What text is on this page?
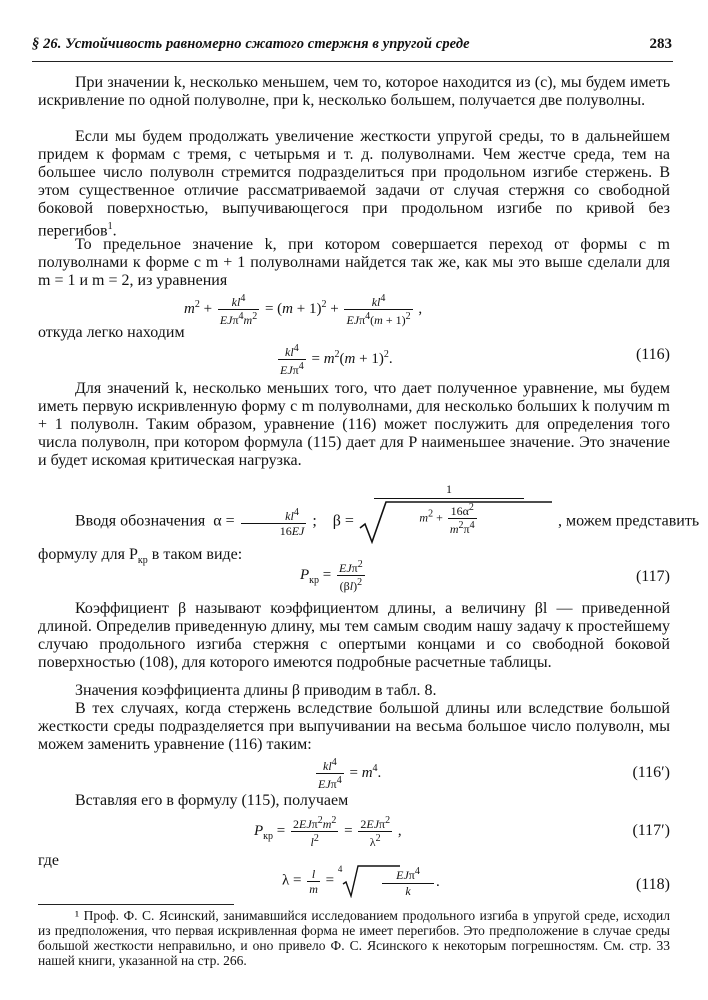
§ 26. Устойчивость равномерно сжатого стержня в упругой среде	283
При значении k, несколько меньшем, чем то, которое находится из (с), мы будем иметь искривление по одной полуволне, при k, несколько большем, получается две полуволны.
Если мы будем продолжать увеличение жесткости упругой среды, то в дальнейшем придем к формам с тремя, с четырьмя и т. д. полуволнами. Чем жестче среда, тем на большее число полуволн стремится подразделиться при продольном изгибе стержень. В этом существенное отличие рассматриваемой задачи от случая стержня со свободной боковой поверхностью, выпучивающегося при продольном изгибе по кривой без перегибов$^1$.
То предельное значение k, при котором совершается переход от формы с m полуволнами к форме с m + 1 полуволнами найдется так же, как мы это выше сделали для m = 1 и m = 2, из уравнения
$m^2 + \frac{kl^4}{EJ\pi^4m^2} = (m + 1)^2 + \frac{kl^4}{EJ\pi^4(m + 1)^2}$ ,
откуда легко находим
$\frac{kl^4}{EJ\pi^4} = m^2(m + 1)^2$.	(116)
Для значений k, несколько меньших того, что дает полученное уравнение, мы будем иметь первую искривленную форму с m полуволнами, для несколько больших k получим m + 1 полуволн. Таким образом, уравнение (116) может послужить для определения того числа полуволн, при котором формула (115) дает для P наименьшее значение. Это значение и будет искомая критическая нагрузка.
Вводя обозначения  $\alpha = \frac{kl^4}{16EJ}$ ;    β =	, можем представить
1
$m^2 + \frac{16\alpha^2}{m^2\pi^4}$
формулу для $P_{кр}$ в таком виде:
$P_{кр} = \frac{EJ\pi^2}{(\beta l)^2}$	(117)
Коэффициент β называют коэффициентом длины, а величину βl — приведенной длиной. Определив приведенную длину, мы тем самым сводим нашу задачу к простейшему случаю продольного изгиба стержня с опертыми концами и со свободной боковой поверхностью (108), для которого имеются подробные расчетные таблицы.
Значения коэффициента длины β приводим в табл. 8.
В тех случаях, когда стержень вследствие большой длины или вследствие большой жесткости среды подразделяется при выпучивании на весьма большое число полуволн, мы можем заменить уравнение (116) таким:
$\frac{kl^4}{EJ\pi^4} = m^4$.	(116′)
Вставляя его в формулу (115), получаем
$P_{кр} = \frac{2EJ\pi^2m^2}{l^2} = \frac{2EJ\pi^2}{\lambda^2}$ ,	(117′)
где
$\lambda = \frac{l}{m} = ^4$	EJπ$^4$
k
.	(118)
¹ Проф. Ф. С. Ясинский, занимавшийся исследованием продольного изгиба в упругой среде, исходил из предположения, что первая искривленная форма не имеет перегибов. Это предположение в случае среды большой жесткости неправильно, и оно привело Ф. С. Ясинского к некоторым погрешностям. См. стр. 33 нашей книги, указанной на стр. 266.
